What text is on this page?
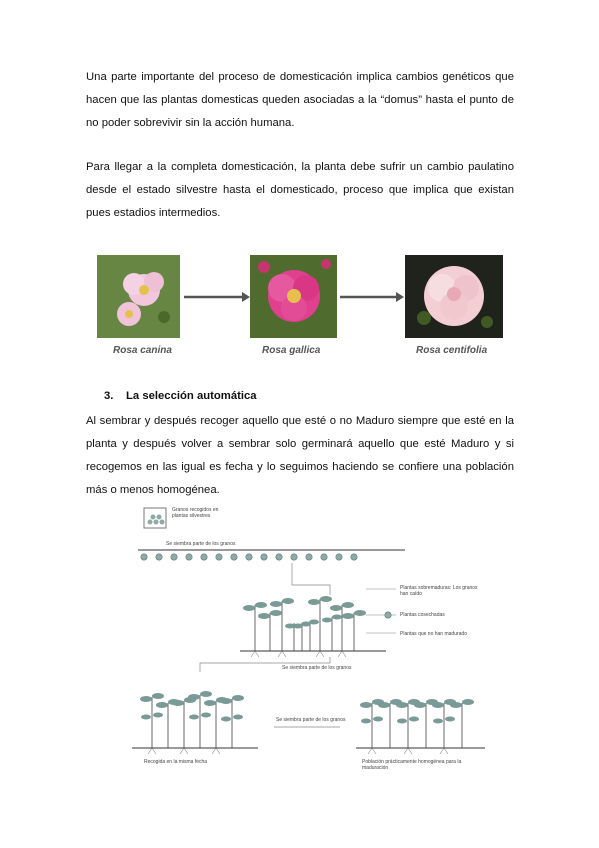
Una parte importante del proceso de domesticación implica cambios genéticos que hacen que las plantas domesticas queden asociadas a la “domus” hasta el punto de no poder sobrevivir sin la acción humana.

Para llegar a la completa domesticación, la planta debe sufrir un cambio paulatino desde el estado silvestre hasta el domesticado, proceso que implica que existan pues estadios intermedios.

Rosa canina	Rosa gallica	Rosa centifolia

3. La selección automática

Al sembrar y después recoger aquello que esté o no Maduro siempre que esté en la planta y después volver a sembrar solo germinará aquello que esté Maduro y si recogemos en las igual es fecha y lo seguimos haciendo se confiere una población más o menos homogénea.

Granos recogidos en plantas silvestres
Se siembra parte de los granos
Plantas sobremaduras: Los granos han caído
Plantas cosechadas
Plantas que no han madurado
Se siembra parte de los granos
Se siembra parte de los granos
Recogida en la misma fecha	Población prácticamente homogénea para la maduración
